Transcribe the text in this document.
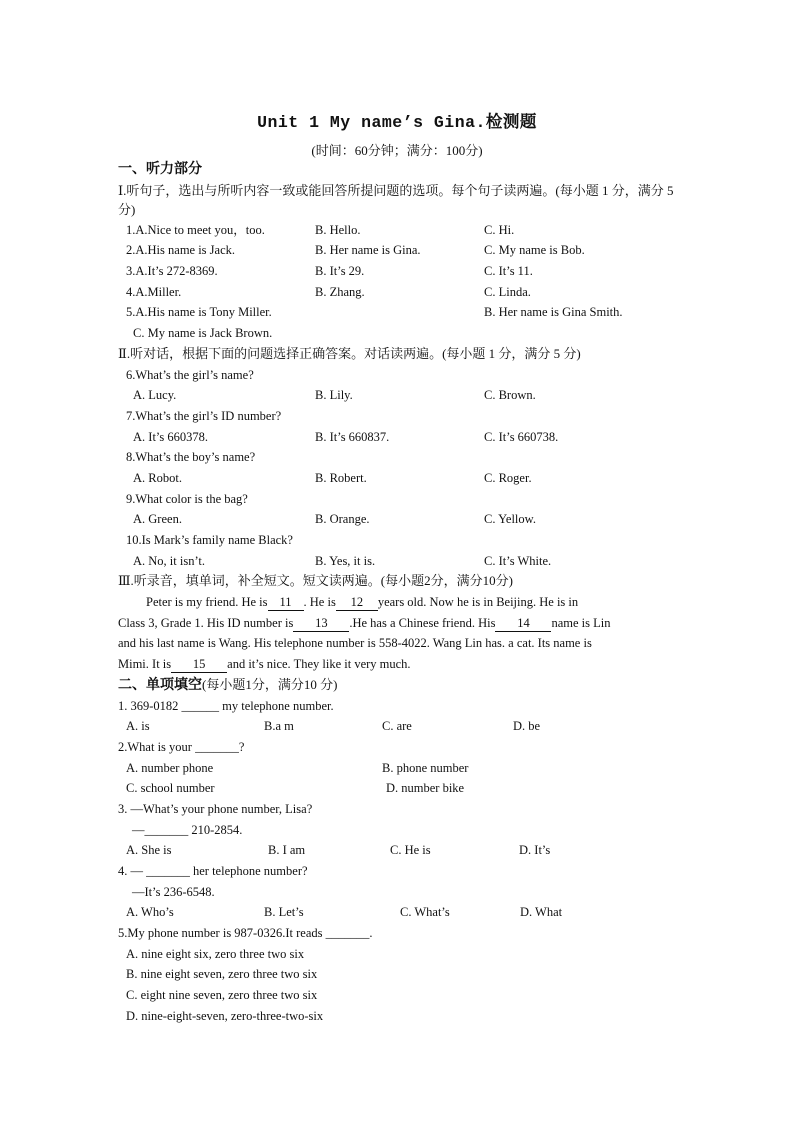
Unit 1 My name’s Gina.检测题
(时间：60分钟；满分：100分)
一、听力部分
Ⅰ.听句子，选出与所听内容一致或能回答所提问题的选项。每个句子读两遍。(每小题 1 分，满分 5 分)
1.A.Nice to meet you，too.	B. Hello.	C. Hi.
2.A.His name is Jack.	B. Her name is Gina.	C. My name is Bob.
3.A.It’s 272-8369.	B. It’s 29.	C. It’s 11.
4.A.Miller.	B. Zhang.	C. Linda.
5.A.His name is Tony Miller.	B. Her name is Gina Smith.
C. My name is Jack Brown.
Ⅱ.听对话，根据下面的问题选择正确答案。对话读两遍。(每小题 1 分，满分 5 分)
6.What’s the girl’s name?
A. Lucy.	B. Lily.	C. Brown.
7.What’s the girl’s ID number?
A. It’s 660378.	B. It’s 660837.	C. It’s 660738.
8.What’s the boy’s name?
A. Robot.	B. Robert.	C. Roger.
9.What color is the bag?
A. Green.	B. Orange.	C. Yellow.
10.Is Mark’s family name Black?
A. No, it isn’t.	B. Yes, it is.	C. It’s White.
Ⅲ.听录音，填单词，补全短文。短文读两遍。(每小题2分，满分10分)
Peter is my friend. He is 11 . He is 12 years old. Now he is in Beijing. He is in
Class 3, Grade 1. His ID number is 13 .He has a Chinese friend. His 14 name is Lin
and his last name is Wang. His telephone number is 558-4022. Wang Lin has. a cat. Its name is
Mimi. It is 15 and it’s nice. They like it very much.
二、单项填空(每小题1分，满分10 分)
1. 369-0182 ______ my telephone number.
A. is	B.a m	C. are	D. be
2.What is your _______?
A. number phone	B. phone number
C. school number	D. number bike
3. —What’s your phone number, Lisa?
—_______ 210-2854.
A. She is	B. I am	C. He is	D. It’s
4. — _______ her telephone number?
—It’s 236-6548.
A. Who’s	B. Let’s	C. What’s	D. What
5.My phone number is 987-0326.It reads _______.
A. nine eight six, zero three two six
B. nine eight seven, zero three two six
C. eight nine seven, zero three two six
D. nine-eight-seven, zero-three-two-six
